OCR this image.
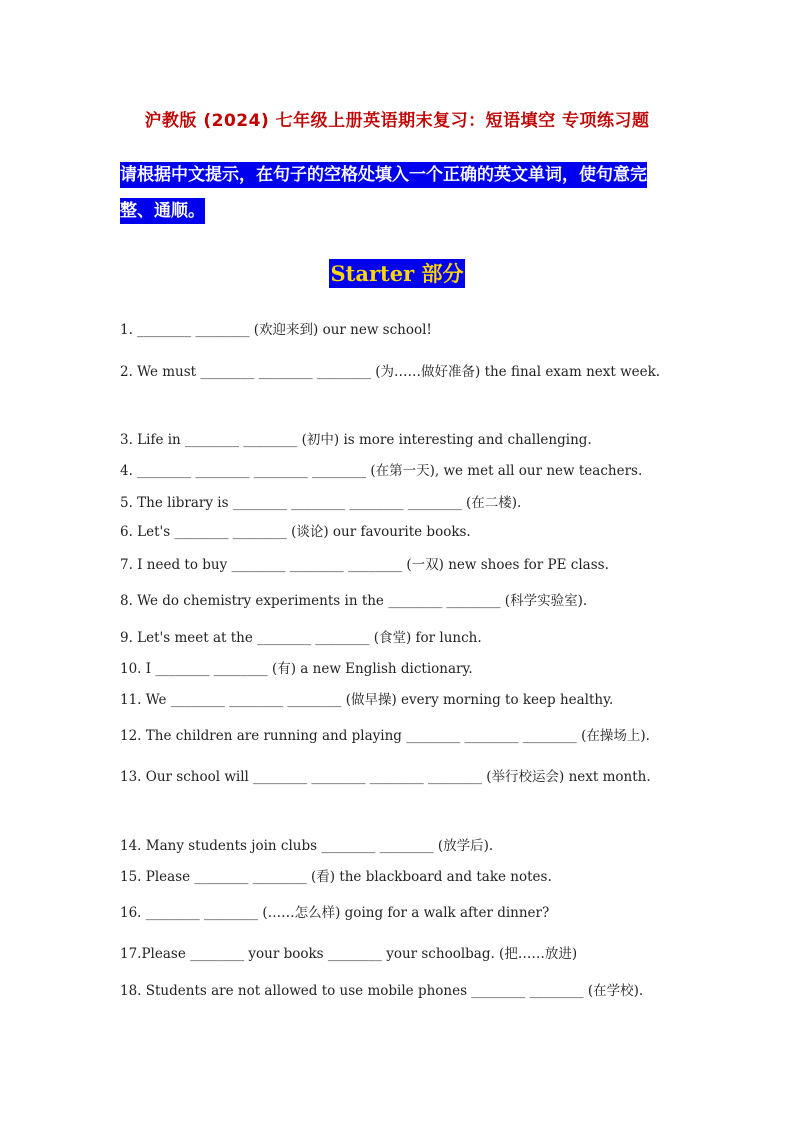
沪教版 (2024) 七年级上册英语期末复习：短语填空 专项练习题
请根据中文提示，在句子的空格处填入一个正确的英文单词，使句意完整、通顺。
Starter 部分
1. ________ ________ (欢迎来到) our new school!
2. We must ________ ________ ________ (为……做好准备) the final exam next week.
3. Life in ________ ________ (初中) is more interesting and challenging.
4. ________ ________ ________ ________ (在第一天), we met all our new teachers.
5. The library is ________ ________ ________ ________ (在二楼).
6. Let's ________ ________ (谈论) our favourite books.
7. I need to buy ________ ________ ________ (一双) new shoes for PE class.
8. We do chemistry experiments in the ________ ________ (科学实验室).
9. Let's meet at the ________ ________ (食堂) for lunch.
10. I ________ ________ (有) a new English dictionary.
11. We ________ ________ ________ (做早操) every morning to keep healthy.
12. The children are running and playing ________ ________ ________ (在操场上).
13. Our school will ________ ________ ________ ________ (举行校运会) next month.
14. Many students join clubs ________ ________ (放学后).
15. Please ________ ________ (看) the blackboard and take notes.
16. ________ ________ (……怎么样) going for a walk after dinner?
17.Please ________ your books ________ your schoolbag. (把……放进)
18. Students are not allowed to use mobile phones ________ ________ (在学校).
